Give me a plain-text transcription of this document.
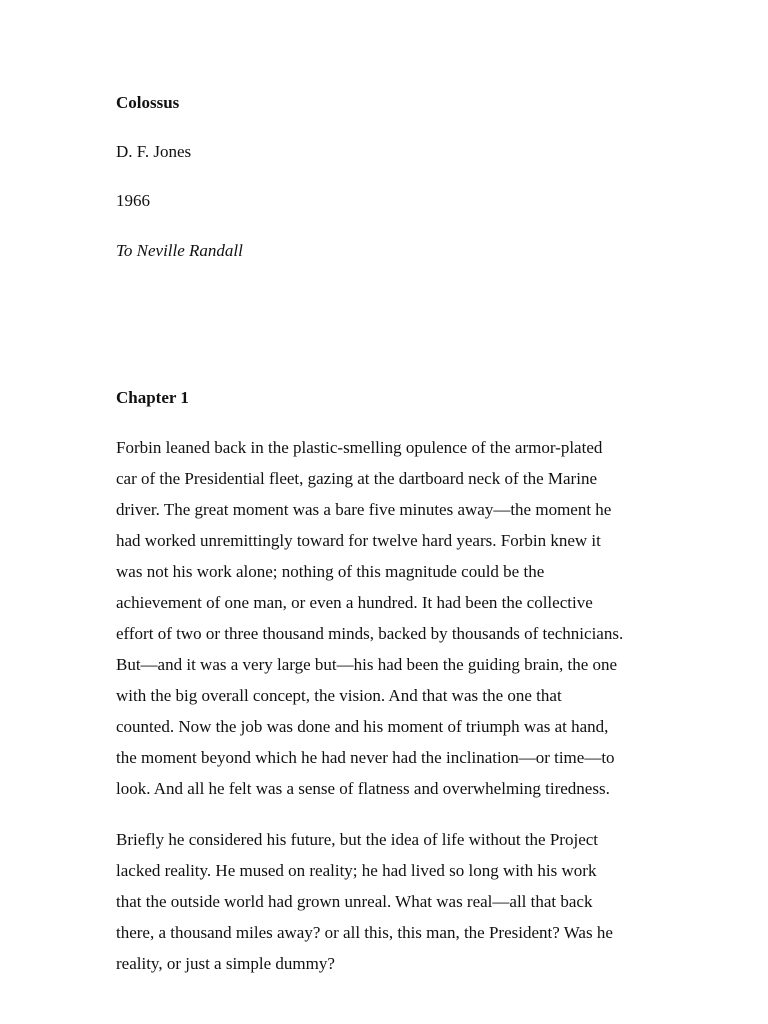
Colossus
D. F. Jones
1966
To Neville Randall
Chapter 1
Forbin leaned back in the plastic-smelling opulence of the armor-plated
car of the Presidential fleet, gazing at the dartboard neck of the Marine
driver. The great moment was a bare five minutes away—the moment he
had worked unremittingly toward for twelve hard years. Forbin knew it
was not his work alone; nothing of this magnitude could be the
achievement of one man, or even a hundred. It had been the collective
effort of two or three thousand minds, backed by thousands of technicians.
But—and it was a very large but—his had been the guiding brain, the one
with the big overall concept, the vision. And that was the one that
counted. Now the job was done and his moment of triumph was at hand,
the moment beyond which he had never had the inclination—or time—to
look. And all he felt was a sense of flatness and overwhelming tiredness.
Briefly he considered his future, but the idea of life without the Project
lacked reality. He mused on reality; he had lived so long with his work
that the outside world had grown unreal. What was real—all that back
there, a thousand miles away? or all this, this man, the President? Was he
reality, or just a simple dummy?
